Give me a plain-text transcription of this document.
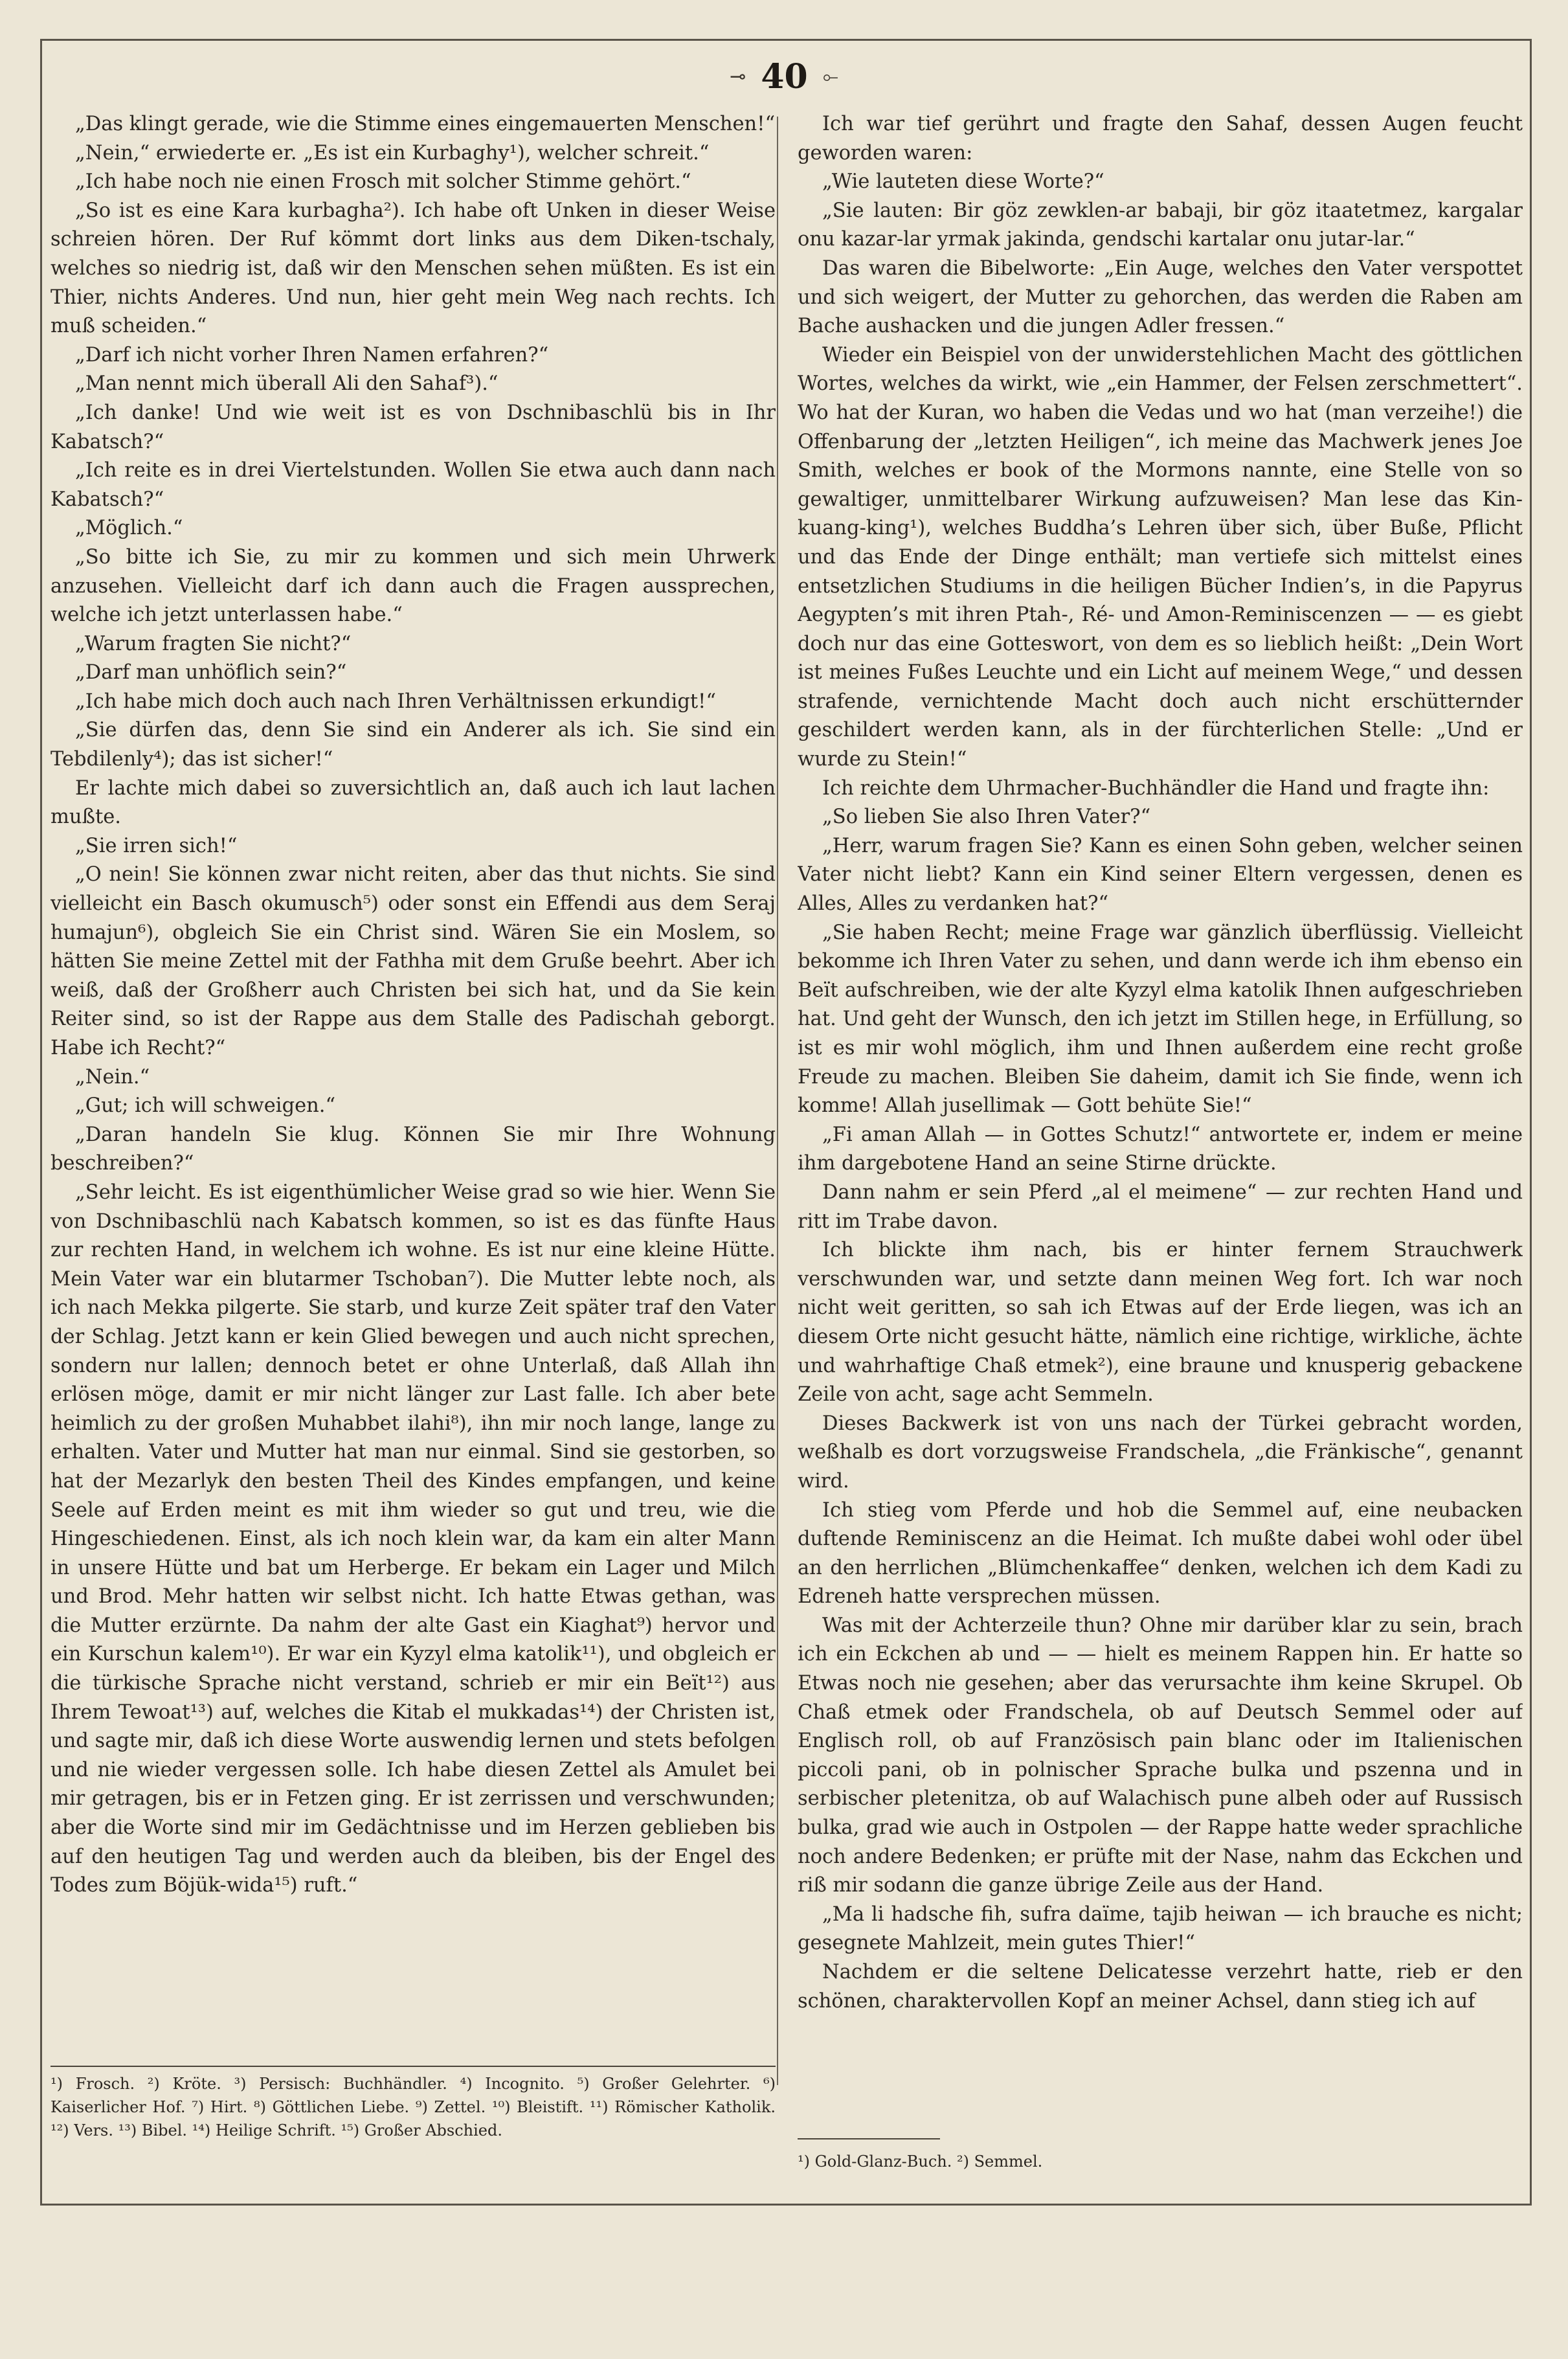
⊸ 40 ⟜

„Das klingt gerade, wie die Stimme eines eingemauerten Menschen!“

„Nein,“ erwiederte er. „Es ist ein Kurbaghy¹), welcher schreit.“

„Ich habe noch nie einen Frosch mit solcher Stimme gehört.“

„So ist es eine Kara kurbagha²). Ich habe oft Unken in dieser Weise schreien hören. Der Ruf kömmt dort links aus dem Diken-tschaly, welches so niedrig ist, daß wir den Menschen sehen müßten. Es ist ein Thier, nichts Anderes. Und nun, hier geht mein Weg nach rechts. Ich muß scheiden.“

„Darf ich nicht vorher Ihren Namen erfahren?“

„Man nennt mich überall Ali den Sahaf³).“

„Ich danke! Und wie weit ist es von Dschnibaschlü bis in Ihr Kabatsch?“

„Ich reite es in drei Viertelstunden. Wollen Sie etwa auch dann nach Kabatsch?“

„Möglich.“

„So bitte ich Sie, zu mir zu kommen und sich mein Uhrwerk anzusehen. Vielleicht darf ich dann auch die Fragen aussprechen, welche ich jetzt unterlassen habe.“

„Warum fragten Sie nicht?“

„Darf man unhöflich sein?“

„Ich habe mich doch auch nach Ihren Verhältnissen erkundigt!“

„Sie dürfen das, denn Sie sind ein Anderer als ich. Sie sind ein Tebdilenly⁴); das ist sicher!“

Er lachte mich dabei so zuversichtlich an, daß auch ich laut lachen mußte.

„Sie irren sich!“

„O nein! Sie können zwar nicht reiten, aber das thut nichts. Sie sind vielleicht ein Basch okumusch⁵) oder sonst ein Effendi aus dem Seraj humajun⁶), obgleich Sie ein Christ sind. Wären Sie ein Moslem, so hätten Sie meine Zettel mit der Fathha mit dem Gruße beehrt. Aber ich weiß, daß der Großherr auch Christen bei sich hat, und da Sie kein Reiter sind, so ist der Rappe aus dem Stalle des Padischah geborgt. Habe ich Recht?“

„Nein.“

„Gut; ich will schweigen.“

„Daran handeln Sie klug. Können Sie mir Ihre Wohnung beschreiben?“

„Sehr leicht. Es ist eigenthümlicher Weise grad so wie hier. Wenn Sie von Dschnibaschlü nach Kabatsch kommen, so ist es das fünfte Haus zur rechten Hand, in welchem ich wohne. Es ist nur eine kleine Hütte. Mein Vater war ein blutarmer Tschoban⁷). Die Mutter lebte noch, als ich nach Mekka pilgerte. Sie starb, und kurze Zeit später traf den Vater der Schlag. Jetzt kann er kein Glied bewegen und auch nicht sprechen, sondern nur lallen; dennoch betet er ohne Unterlaß, daß Allah ihn erlösen möge, damit er mir nicht länger zur Last falle. Ich aber bete heimlich zu der großen Muhabbet ilahi⁸), ihn mir noch lange, lange zu erhalten. Vater und Mutter hat man nur einmal. Sind sie gestorben, so hat der Mezarlyk den besten Theil des Kindes empfangen, und keine Seele auf Erden meint es mit ihm wieder so gut und treu, wie die Hingeschiedenen. Einst, als ich noch klein war, da kam ein alter Mann in unsere Hütte und bat um Herberge. Er bekam ein Lager und Milch und Brod. Mehr hatten wir selbst nicht. Ich hatte Etwas gethan, was die Mutter erzürnte. Da nahm der alte Gast ein Kiaghat⁹) hervor und ein Kurschun kalem¹⁰). Er war ein Kyzyl elma katolik¹¹), und obgleich er die türkische Sprache nicht verstand, schrieb er mir ein Beït¹²) aus Ihrem Tewoat¹³) auf, welches die Kitab el mukkadas¹⁴) der Christen ist, und sagte mir, daß ich diese Worte auswendig lernen und stets befolgen und nie wieder vergessen solle. Ich habe diesen Zettel als Amulet bei mir getragen, bis er in Fetzen ging. Er ist zerrissen und verschwunden; aber die Worte sind mir im Gedächtnisse und im Herzen geblieben bis auf den heutigen Tag und werden auch da bleiben, bis der Engel des Todes zum Böjük-wida¹⁵) ruft.“

Ich war tief gerührt und fragte den Sahaf, dessen Augen feucht geworden waren:

„Wie lauteten diese Worte?“

„Sie lauten: Bir göz zewklen-ar babaji, bir göz itaatetmez, kargalar onu kazar-lar yrmak jakinda, gendschi kartalar onu jutar-lar.“

Das waren die Bibelworte: „Ein Auge, welches den Vater verspottet und sich weigert, der Mutter zu gehorchen, das werden die Raben am Bache aushacken und die jungen Adler fressen.“

Wieder ein Beispiel von der unwiderstehlichen Macht des göttlichen Wortes, welches da wirkt, wie „ein Hammer, der Felsen zerschmettert“. Wo hat der Kuran, wo haben die Vedas und wo hat (man verzeihe!) die Offenbarung der „letzten Heiligen“, ich meine das Machwerk jenes Joe Smith, welches er book of the Mormons nannte, eine Stelle von so gewaltiger, unmittelbarer Wirkung aufzuweisen? Man lese das Kin-kuang-king¹), welches Buddha’s Lehren über sich, über Buße, Pflicht und das Ende der Dinge enthält; man vertiefe sich mittelst eines entsetzlichen Studiums in die heiligen Bücher Indien’s, in die Papyrus Aegypten’s mit ihren Ptah-, Ré- und Amon-Reminiscenzen — — es giebt doch nur das eine Gotteswort, von dem es so lieblich heißt: „Dein Wort ist meines Fußes Leuchte und ein Licht auf meinem Wege,“ und dessen strafende, vernichtende Macht doch auch nicht erschütternder geschildert werden kann, als in der fürchterlichen Stelle: „Und er wurde zu Stein!“

Ich reichte dem Uhrmacher-Buchhändler die Hand und fragte ihn:

„So lieben Sie also Ihren Vater?“

„Herr, warum fragen Sie? Kann es einen Sohn geben, welcher seinen Vater nicht liebt? Kann ein Kind seiner Eltern vergessen, denen es Alles, Alles zu verdanken hat?“

„Sie haben Recht; meine Frage war gänzlich überflüssig. Vielleicht bekomme ich Ihren Vater zu sehen, und dann werde ich ihm ebenso ein Beït aufschreiben, wie der alte Kyzyl elma katolik Ihnen aufgeschrieben hat. Und geht der Wunsch, den ich jetzt im Stillen hege, in Erfüllung, so ist es mir wohl möglich, ihm und Ihnen außerdem eine recht große Freude zu machen. Bleiben Sie daheim, damit ich Sie finde, wenn ich komme! Allah jusellimak — Gott behüte Sie!“

„Fi aman Allah — in Gottes Schutz!“ antwortete er, indem er meine ihm dargebotene Hand an seine Stirne drückte.

Dann nahm er sein Pferd „al el meimene“ — zur rechten Hand und ritt im Trabe davon.

Ich blickte ihm nach, bis er hinter fernem Strauchwerk verschwunden war, und setzte dann meinen Weg fort. Ich war noch nicht weit geritten, so sah ich Etwas auf der Erde liegen, was ich an diesem Orte nicht gesucht hätte, nämlich eine richtige, wirkliche, ächte und wahrhaftige Chaß etmek²), eine braune und knusperig gebackene Zeile von acht, sage acht Semmeln.

Dieses Backwerk ist von uns nach der Türkei gebracht worden, weßhalb es dort vorzugsweise Frandschela, „die Fränkische“, genannt wird.

Ich stieg vom Pferde und hob die Semmel auf, eine neubacken duftende Reminiscenz an die Heimat. Ich mußte dabei wohl oder übel an den herrlichen „Blümchenkaffee“ denken, welchen ich dem Kadi zu Edreneh hatte versprechen müssen.

Was mit der Achterzeile thun? Ohne mir darüber klar zu sein, brach ich ein Eckchen ab und — — hielt es meinem Rappen hin. Er hatte so Etwas noch nie gesehen; aber das verursachte ihm keine Skrupel. Ob Chaß etmek oder Frandschela, ob auf Deutsch Semmel oder auf Englisch roll, ob auf Französisch pain blanc oder im Italienischen piccoli pani, ob in polnischer Sprache bulka und pszenna und in serbischer pletenitza, ob auf Walachisch pune albeh oder auf Russisch bulka, grad wie auch in Ostpolen — der Rappe hatte weder sprachliche noch andere Bedenken; er prüfte mit der Nase, nahm das Eckchen und riß mir sodann die ganze übrige Zeile aus der Hand.

„Ma li hadsche fih, sufra daïme, tajib heiwan — ich brauche es nicht; gesegnete Mahlzeit, mein gutes Thier!“

Nachdem er die seltene Delicatesse verzehrt hatte, rieb er den schönen, charaktervollen Kopf an meiner Achsel, dann stieg ich auf

¹) Frosch. ²) Kröte. ³) Persisch: Buchhändler. ⁴) Incognito. ⁵) Großer Gelehrter. ⁶) Kaiserlicher Hof. ⁷) Hirt. ⁸) Göttlichen Liebe. ⁹) Zettel. ¹⁰) Bleistift. ¹¹) Römischer Katholik. ¹²) Vers. ¹³) Bibel. ¹⁴) Heilige Schrift. ¹⁵) Großer Abschied.
¹) Gold-Glanz-Buch. ²) Semmel.
